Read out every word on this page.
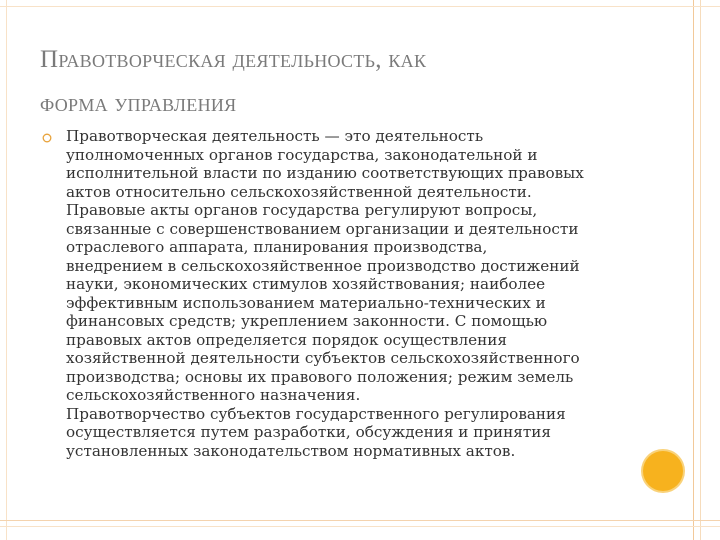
Правотворческая деятельность, как
форма управления
Правотворческая деятельность — это деятельность
уполномоченных органов государства, законодательной и
исполнительной власти по изданию соответствующих правовых
актов относительно сельскохозяйственной деятельности.
Правовые акты органов государства регулируют вопросы,
связанные с совершенствованием организации и деятельности
отраслевого аппарата, планирования производства,
внедрением в сельскохозяйственное производство достижений
науки, экономических стимулов хозяйствования; наиболее
эффективным использованием материально-технических и
финансовых средств; укреплением законности. С помощью
правовых актов определяется порядок осуществления
хозяйственной деятельности субъектов сельскохозяйственного
производства; основы их правового положения; режим земель
сельскохозяйственного назначения.
Правотворчество субъектов государственного регулирования
осуществляется путем разработки, обсуждения и принятия
установленных законодательством нормативных актов.
